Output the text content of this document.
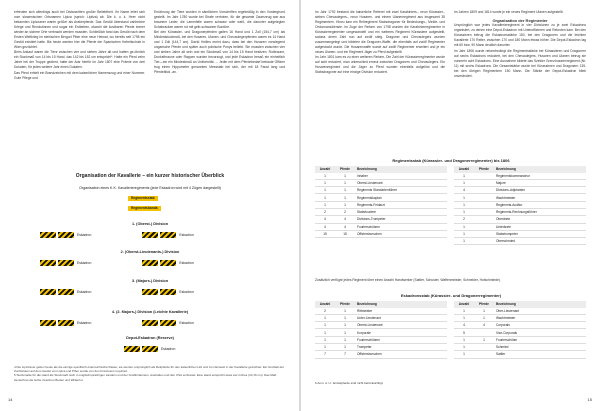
erfreuten sich allerdings auch bei Distanzritten großer Beliebtheit. Ihr Name leitet sich vom slowenischen Ortsnamen Lipica (sprich: Lipitza) ab. Die k. u. k. Heer nicht bekannten Lipizzaner waren größer als Araberpferde. Das Gestüt überstand zahlreiche Kriege und Revolutionen und sogar ein Erdbeben, obwohl die kostbaren Pferde immer wieder an sichere Orte verbracht werden mussten. Schließlich fand das Gestüt nach dem Ersten Weltkrieg im steirischen Bergort Piber eine neue Heimat, wo bereits seit 1798 ein Gestüt existiert hatte. Bis heute werden hier die Pferde der Spanischen Hofreitschule in Wien gezüchtet.

Beim Ankauf waren die Tiere zwischen vier und sieben Jahre alt und hatten ge-öhnlich ein Stockmaß von 14 bis 15 Hand, das 142 bis 152 cm entspricht*. Hatte ein Pferd zehn Jahre bei der Truppe gedient, hatte der Arar hierfür im Jahr 1807 eine Prämie von drei Dukaten, für jedes weitere Jahr einen Dukaten.

Das Pferd erhielt ein Brandzeichen mit dem kaiserlichen Namenszug und einer Nummer. Gute Pflege und

Ernährung der Tiere wurden in sämtlichen Vorschriften regelmäßig in den Vordergrund gestellt. Im Jahr 1780 wurde bei Strafe verboten, für die gesamte Zaumzeug war aus braunem Leder; die Lammfelle waren schwarz oder weiß, die darunter aufgelegten Schabracken waren rot mit gelb-schwarzer Bordüre.

Bei den Kürassier- und Dragonerpferden galten 16 Hand und 1 Zoll (154,7 cm) als Mindeststockmaß, bei den Husaren, Ulanen- und Chevaulegerpferden waren es 14 Hand und 1 Zoll (144,7 cm). David Hollins meint dazu, dass bei den Husaren vorwiegend ungarische Pferde und später auch polnische Ponys beliebt. Sie mussten zwischen vier und sieben Jahre alt sein und ein Stockmaß von 14 bis 15 Hand besitzen. Rotbraune, Dunkelbraune oder Rappen wurden bevorzugt, und jede Eskadron besaß ein einheitlich Tier—ein ein Mindestmaß an Uniformität. ... Jeder mit dem Pferdebedarf betraute Offizier trug einen Hippometer genannten Messstab bei sich, der mit 18 Faust lang und Pferdeblick -an.

Organisation der Kavallerie – ein kurzer historischer Überblick
Organisation eines K.K. Kavallerieregiments (jede Eskadron wird mit 4 Zügen dargestellt)
Regimentsstab
Regimentsbanda
1. (Oberst-) Division
Eskadron	Eskadron
2. (Oberst-Lieutenants-) Division
Eskadron	Eskadron
3. (Majors-) Division
Eskadron	Eskadron
4. (2. Majors-) Division (Leichte Kavallerie)
Eskadron	Eskadron
Depot-Eskadron (Reserve)
Eskadron
4 Die Lipizzaner gelten heute als die einzige spezifisch österreichische Rasse; sie wurden ursprünglich als Reitpferde für den kaiserlichen Hof und zum Einsatz in der Kavallerie gezüchtet. Ein Großteil der Zuchtstuten auf dem Gestüt von Lipica und Piber wurde von den Franzosen requiriert.
5 Stockmaße für die Hand als Stockmaß noch in englischsprachigen Ländern und der Großbritannien, Australien und den USA verbreitet. Eine Hand entspricht etwa vier Inches (10,16 cm). Das Maß bezeichnet die Höhe zwischen Boden und Widerrist.
14

Im Jahr 1792 bestand die kaiserliche Reiterei mit zwei Karabiniers-, neun Kürassier-, sieben Chevaulegers-, neun Husaren- und einem Ulanenregiment aus insgesamt 35 Regimentern. Hinzu kam ein Reitregiment Stabsdragoner für Bedeckungs-, Melde- und Ordonnanzdienste. Im Zuge der Reform von 1798 wurden die Karabinierregimenter in Kürassierregimenter umgewandelt und ein weiteres Regiment Kürassiere aufgestellt, sodass deren Zahl nun auf zwölf stieg. Dragoner und Chevaulegers wurden zusammengelegt und bildeten die Dragoner-Waffe, die ebenfalls auf zwölf Regimenter aufgestockt wurde. Die Husarenwaffe wurde auf zwölf Regimenter erweitert und je ein neues Ulanen- und ein Regiment Jäger zu Pferd aufgestellt.

Im Jahr 1801 kam es zu einer weiteren Reform. Die Zahl der Kürassierregimenter wurde auf acht reduziert, man unterschied erneut zwischen Dragonern und Chevaulegers. Ein Husarenregiment und die Jäger zu Pferd wurden ebenfalls aufgelöst und die Stabsdragoner auf eine einzige Division reduziert.

Im Jahren 1809 und 1814 wurde je ein neues Regiment Ulanen aufgestellt.

Organisation der Regimenter

Ursprünglich war jedes Kavallerieregiment in vier Divisionen zu je zwei Eskadrons organisiert, zu denen eine Depot-Eskadron mit Unteroffizieren und Rekruten kam. Bei den Kürassieren betrug die Eskadronsstärke 150, bei den Dragonern und die leichten Kavallerie 170 Reiter, zwischen 170 und 180 Mann etwas höher. Die Depot-Eskadron lag mit 60 bzw. 90 Mann deutlich darunter.

Im Jahr 1806 wurde reformbedingt die Regimentsstärke bei Kürassieren und Dragonern auf sechs Eskadrons reduziert, bei den Chevaulegers, Husaren und Ulanen betrug sie nunmehr acht Eskadrons. Eine Ausnahme bildete das Szekler Grenzhusarenregiment (Nr. 11) mit sechs Eskadrons. Die Gesamtstärke wurde bei Kürassieren und Dragonern 135, bei den übrigen Regimentern 150 Mann. Die Stärke der Depot-Eskadron blieb unverändert.

Regimentsstab (Kürassier- und Dragonerregimenter) bis 1806
Anzahl	Pferde	Bezeichnung
1	1	Inhaber
1	1	Oberst-Lieutenant
1	1	Regiments Standartenführer
1	1	Regimentskaplan
1	1	Regiments-Feldarzt
2	2	Stabsfouriere
4	4	Divisions-Trompeter
4	4	Fourierschützen
15	15	Offiziersburschen
Anzahl	Pferde	Bezeichnung
1		Regimentskommandeur
1		Majore
4		Divisions-Adjutanten
1		Wachtmeister
1		Regiments-Auditor
1		Regiments-Rechnungsführer
2		Oberärzte
1		Unterärzte
1		Stabstrompeter
1		Oberschmied
Zusätzlich verfügte jedes Regiment über einen Anzahl Handwerker (Sattler, Schuster, Waffenmeister, Schneider, Hufschmiede).
Eskadronsstab (Kürassier- und Dragonerregimenter)
Anzahl	Pferde	Bezeichnung
2	1	Rittmeister
1	1	Unter-Lieutenant
1	1	Oberst-Lieutenant
1	1	Korporale
1	1	Fourierschützen
1	1	Trompeter
7	7	Offiziersburschen
Anzahl	Pferde	Bezeichnung
1	1	Ober-Lieutenant
1	1	Wachtmeister
4	4	Corporals
5		Vice-Corporals
1	1	Fourierschütze
1		Schmied
1		Sattler
6 Anm. d. U.: Einzelpferde sind nicht berücksichtigt.
15
